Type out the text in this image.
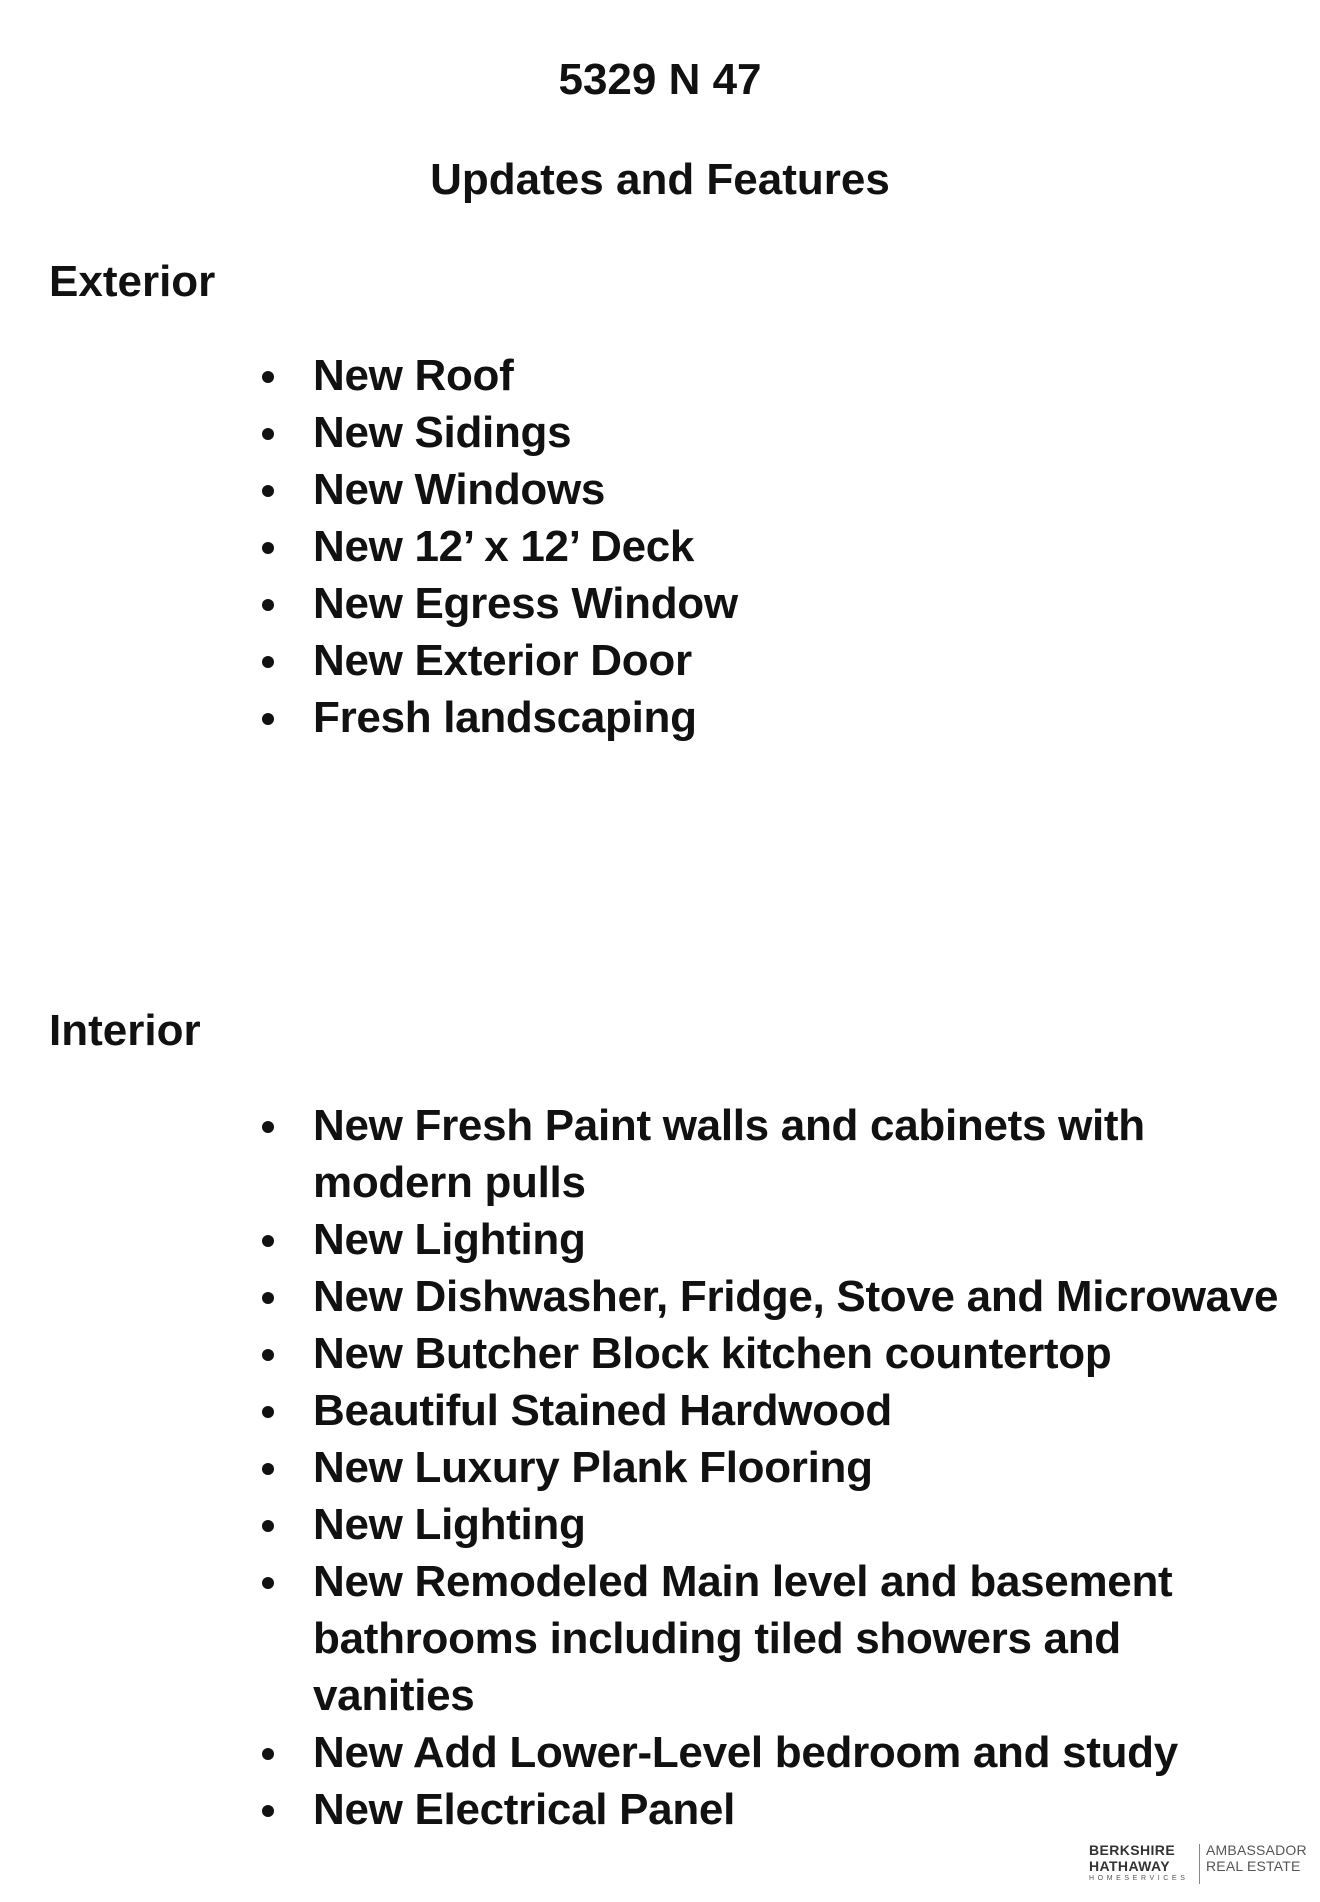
5329 N 47
Updates and Features
Exterior
New Roof
New Sidings
New Windows
New 12’ x 12’ Deck
New Egress Window
New Exterior Door
Fresh landscaping
Interior
New Fresh Paint walls and cabinets with modern pulls
New Lighting
New Dishwasher, Fridge, Stove and Microwave
New Butcher Block kitchen countertop
Beautiful Stained Hardwood
New Luxury Plank Flooring
New Lighting
New Remodeled Main level and basement bathrooms including tiled showers and vanities
New Add Lower-Level bedroom and study
New Electrical Panel
BERKSHIRE
HATHAWAY
HOMESERVICES
AMBASSADOR
REAL ESTATE
